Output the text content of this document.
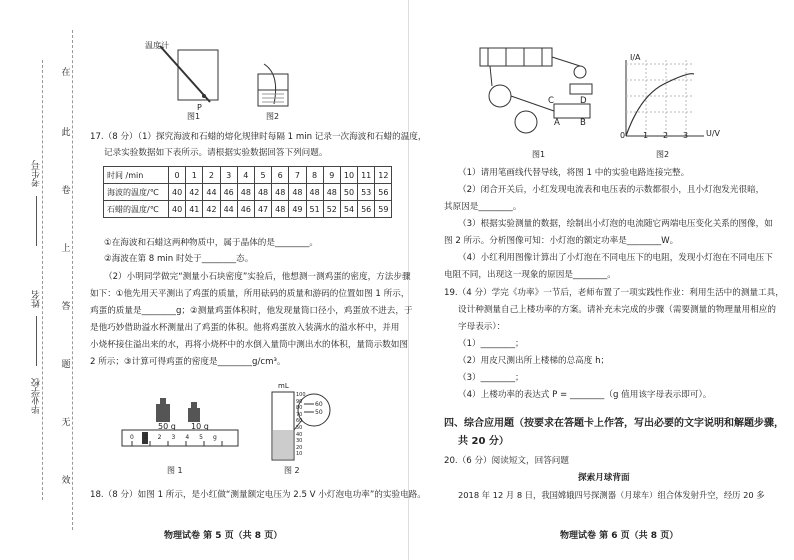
在
此
卷
上
答
题
无
效
考生号
姓名
毕业学校
温度计
P
图1	图2
17.（8 分）（1）探究海波和石蜡的熔化规律时每隔 1 min 记录一次海波和石蜡的温度，
记录实验数据如下表所示。请根据实验数据回答下列问题。
时间 /min	0	1	2	3	4	5	6	7	8	9	10	11	12
海波的温度/℃	40	42	44	46	48	48	48	48	48	48	50	53	56
石蜡的温度/℃	40	41	42	44	46	47	48	49	51	52	54	56	59
①在海波和石蜡这两种物质中，属于晶体的是________。
②海波在第 8 min 时处于________态。
（2）小明同学做完“测量小石块密度”实验后，他想测一测鸡蛋的密度，方法步骤
如下：①他先用天平测出了鸡蛋的质量，所用砝码的质量和游码的位置如图 1 所示，
鸡蛋的质量是________g；②测量鸡蛋体积时，他发现量筒口径小，鸡蛋放不进去，于
是他巧妙借助溢水杯测量出了鸡蛋的体积。他将鸡蛋放入装满水的溢水杯中，并用
小烧杯接住溢出来的水，再将小烧杯中的水倒入量筒中测出水的体积，量筒示数如图
2 所示；③计算可得鸡蛋的密度是________g/cm³。
50 g 10 g
012345g
图 1
mL
60
50
图 2
18.（8 分）如图 1 所示，是小红做“测量额定电压为 2.5 V 小灯泡电功率”的实验电路。
物理试卷 第 5 页（共 8 页）
C	D
A B
图1
I/A
U/V
0 1 2 3
图2
（1）请用笔画线代替导线，将图 1 中的实验电路连接完整。
（2）闭合开关后，小红发现电流表和电压表的示数都很小，且小灯泡发光很暗，
其原因是________。
（3）根据实验测量的数据，绘制出小灯泡的电流随它两端电压变化关系的图像，如
图 2 所示。分析图像可知：小灯泡的额定功率是________W。
（4）小红利用图像计算出了小灯泡在不同电压下的电阻，发现小灯泡在不同电压下
电阻不同，出现这一现象的原因是________。
19.（4 分）学完《功率》一节后，老师布置了一项实践性作业：利用生活中的测量工具，
设计种测量自己上楼功率的方案。请补充未完成的步骤（需要测量的物理量用相应的
字母表示）：
（1）________；
（2）用皮尺测出所上楼梯的总高度 h；
（3）________；
（4）上楼功率的表达式 P = ________（g 值用该字母表示即可）。
四、综合应用题（按要求在答题卡上作答，写出必要的文字说明和解题步骤，
共 20 分）
20.（6 分）阅读短文，回答问题
探索月球背面
2018 年 12 月 8 日，我国嫦娥四号探测器（月球车）组合体发射升空，经历 20 多
物理试卷 第 6 页（共 8 页）
100
90
80
70
60
50
40
30
20
10
